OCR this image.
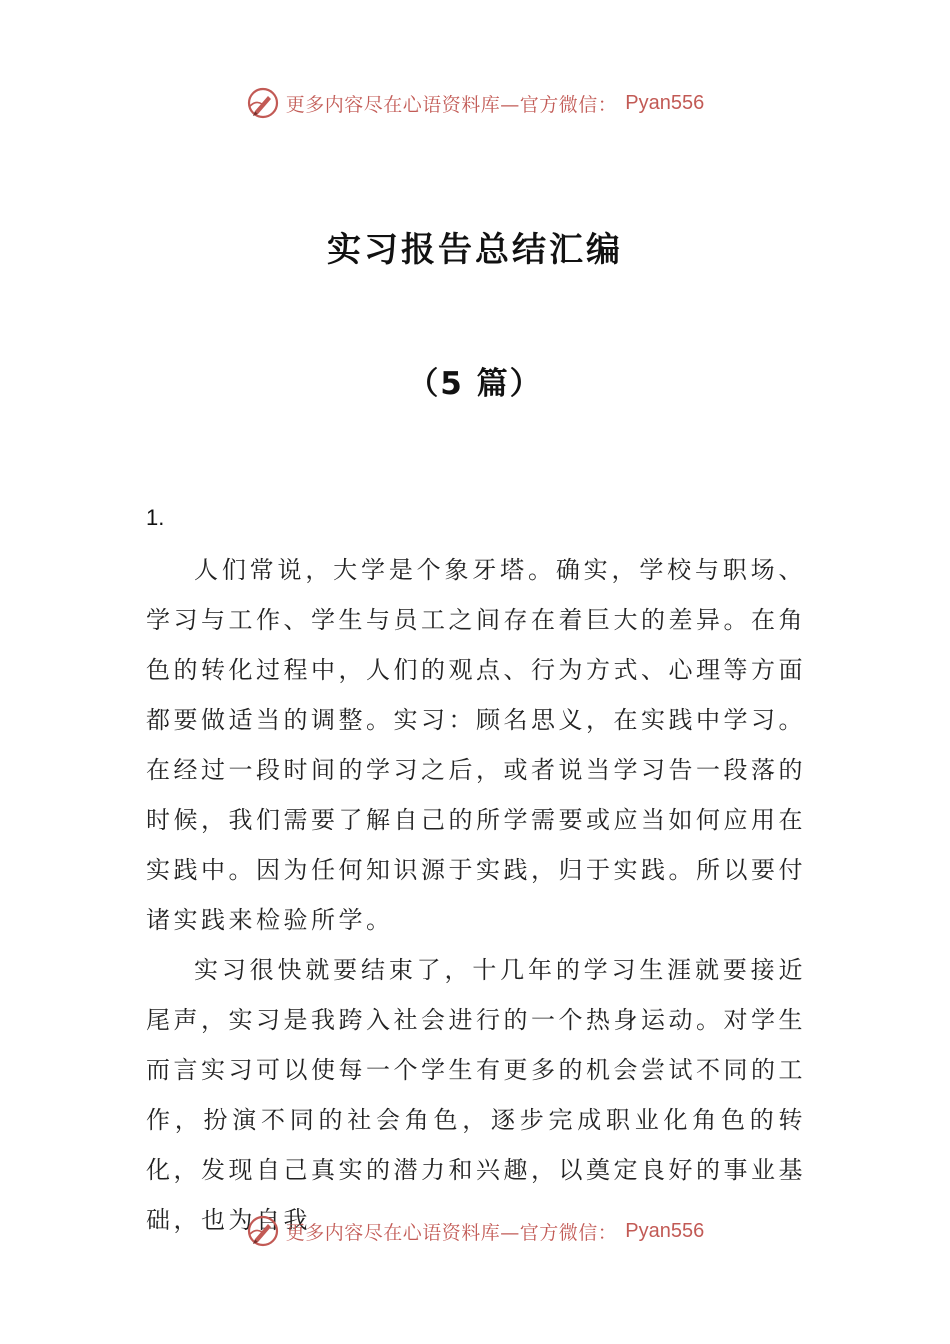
更多内容尽在心语资料库—官方微信： Pyan556
实习报告总结汇编
（5 篇）
1.

人们常说，大学是个象牙塔。确实，学校与职场、学习与工作、学生与员工之间存在着巨大的差异。在角色的转化过程中，人们的观点、行为方式、心理等方面都要做适当的调整。实习：顾名思义，在实践中学习。在经过一段时间的学习之后，或者说当学习告一段落的时候，我们需要了解自己的所学需要或应当如何应用在实践中。因为任何知识源于实践，归于实践。所以要付诸实践来检验所学。

实习很快就要结束了，十几年的学习生涯就要接近尾声，实习是我跨入社会进行的一个热身运动。对学生而言实习可以使每一个学生有更多的机会尝试不同的工作，扮演不同的社会角色，逐步完成职业化角色的转化，发现自己真实的潜力和兴趣，以奠定良好的事业基础，也为自我

更多内容尽在心语资料库—官方微信： Pyan556
